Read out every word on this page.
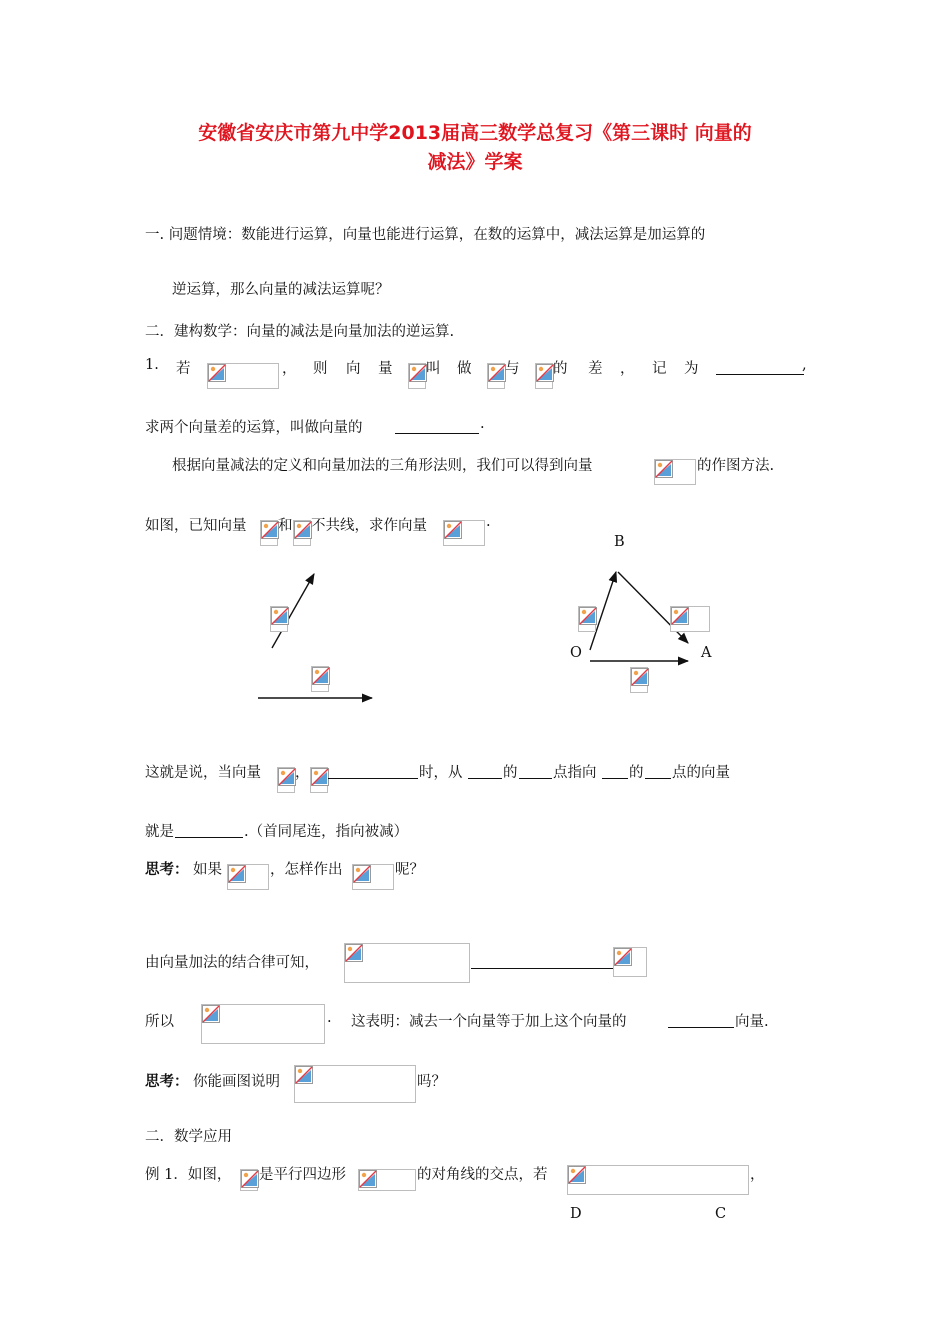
安徽省安庆市第九中学2013届高三数学总复习《第三课时 向量的
减法》学案
一. 问题情境：数能进行运算，向量也能进行运算，在数的运算中，减法运算是加运算的
逆运算，那么向量的减法运算呢？
二．建构数学：向量的减法是向量加法的逆运算.
1. 若	， 则 向 量 叫 做 与 的 差 ， 记 为	,
求两个向量差的运算，叫做向量的	.
根据向量减法的定义和向量加法的三角形法则，我们可以得到向量	的作图方法.
如图，已知向量 和 不共线，求作向量	.
B
O	A
这就是说，当向量 ，	时，从	的 点指向 的 点的向量
就是	.（首同尾连，指向被减）
思考： 如果	，怎样作出	呢？
由向量加法的结合律可知，
所以	. 这表明：减去一个向量等于加上这个向量的	向量.
思考： 你能画图说明	吗？
二．数学应用
例 1．如图， 是平行四边形	的对角线的交点，若	，
D	C
